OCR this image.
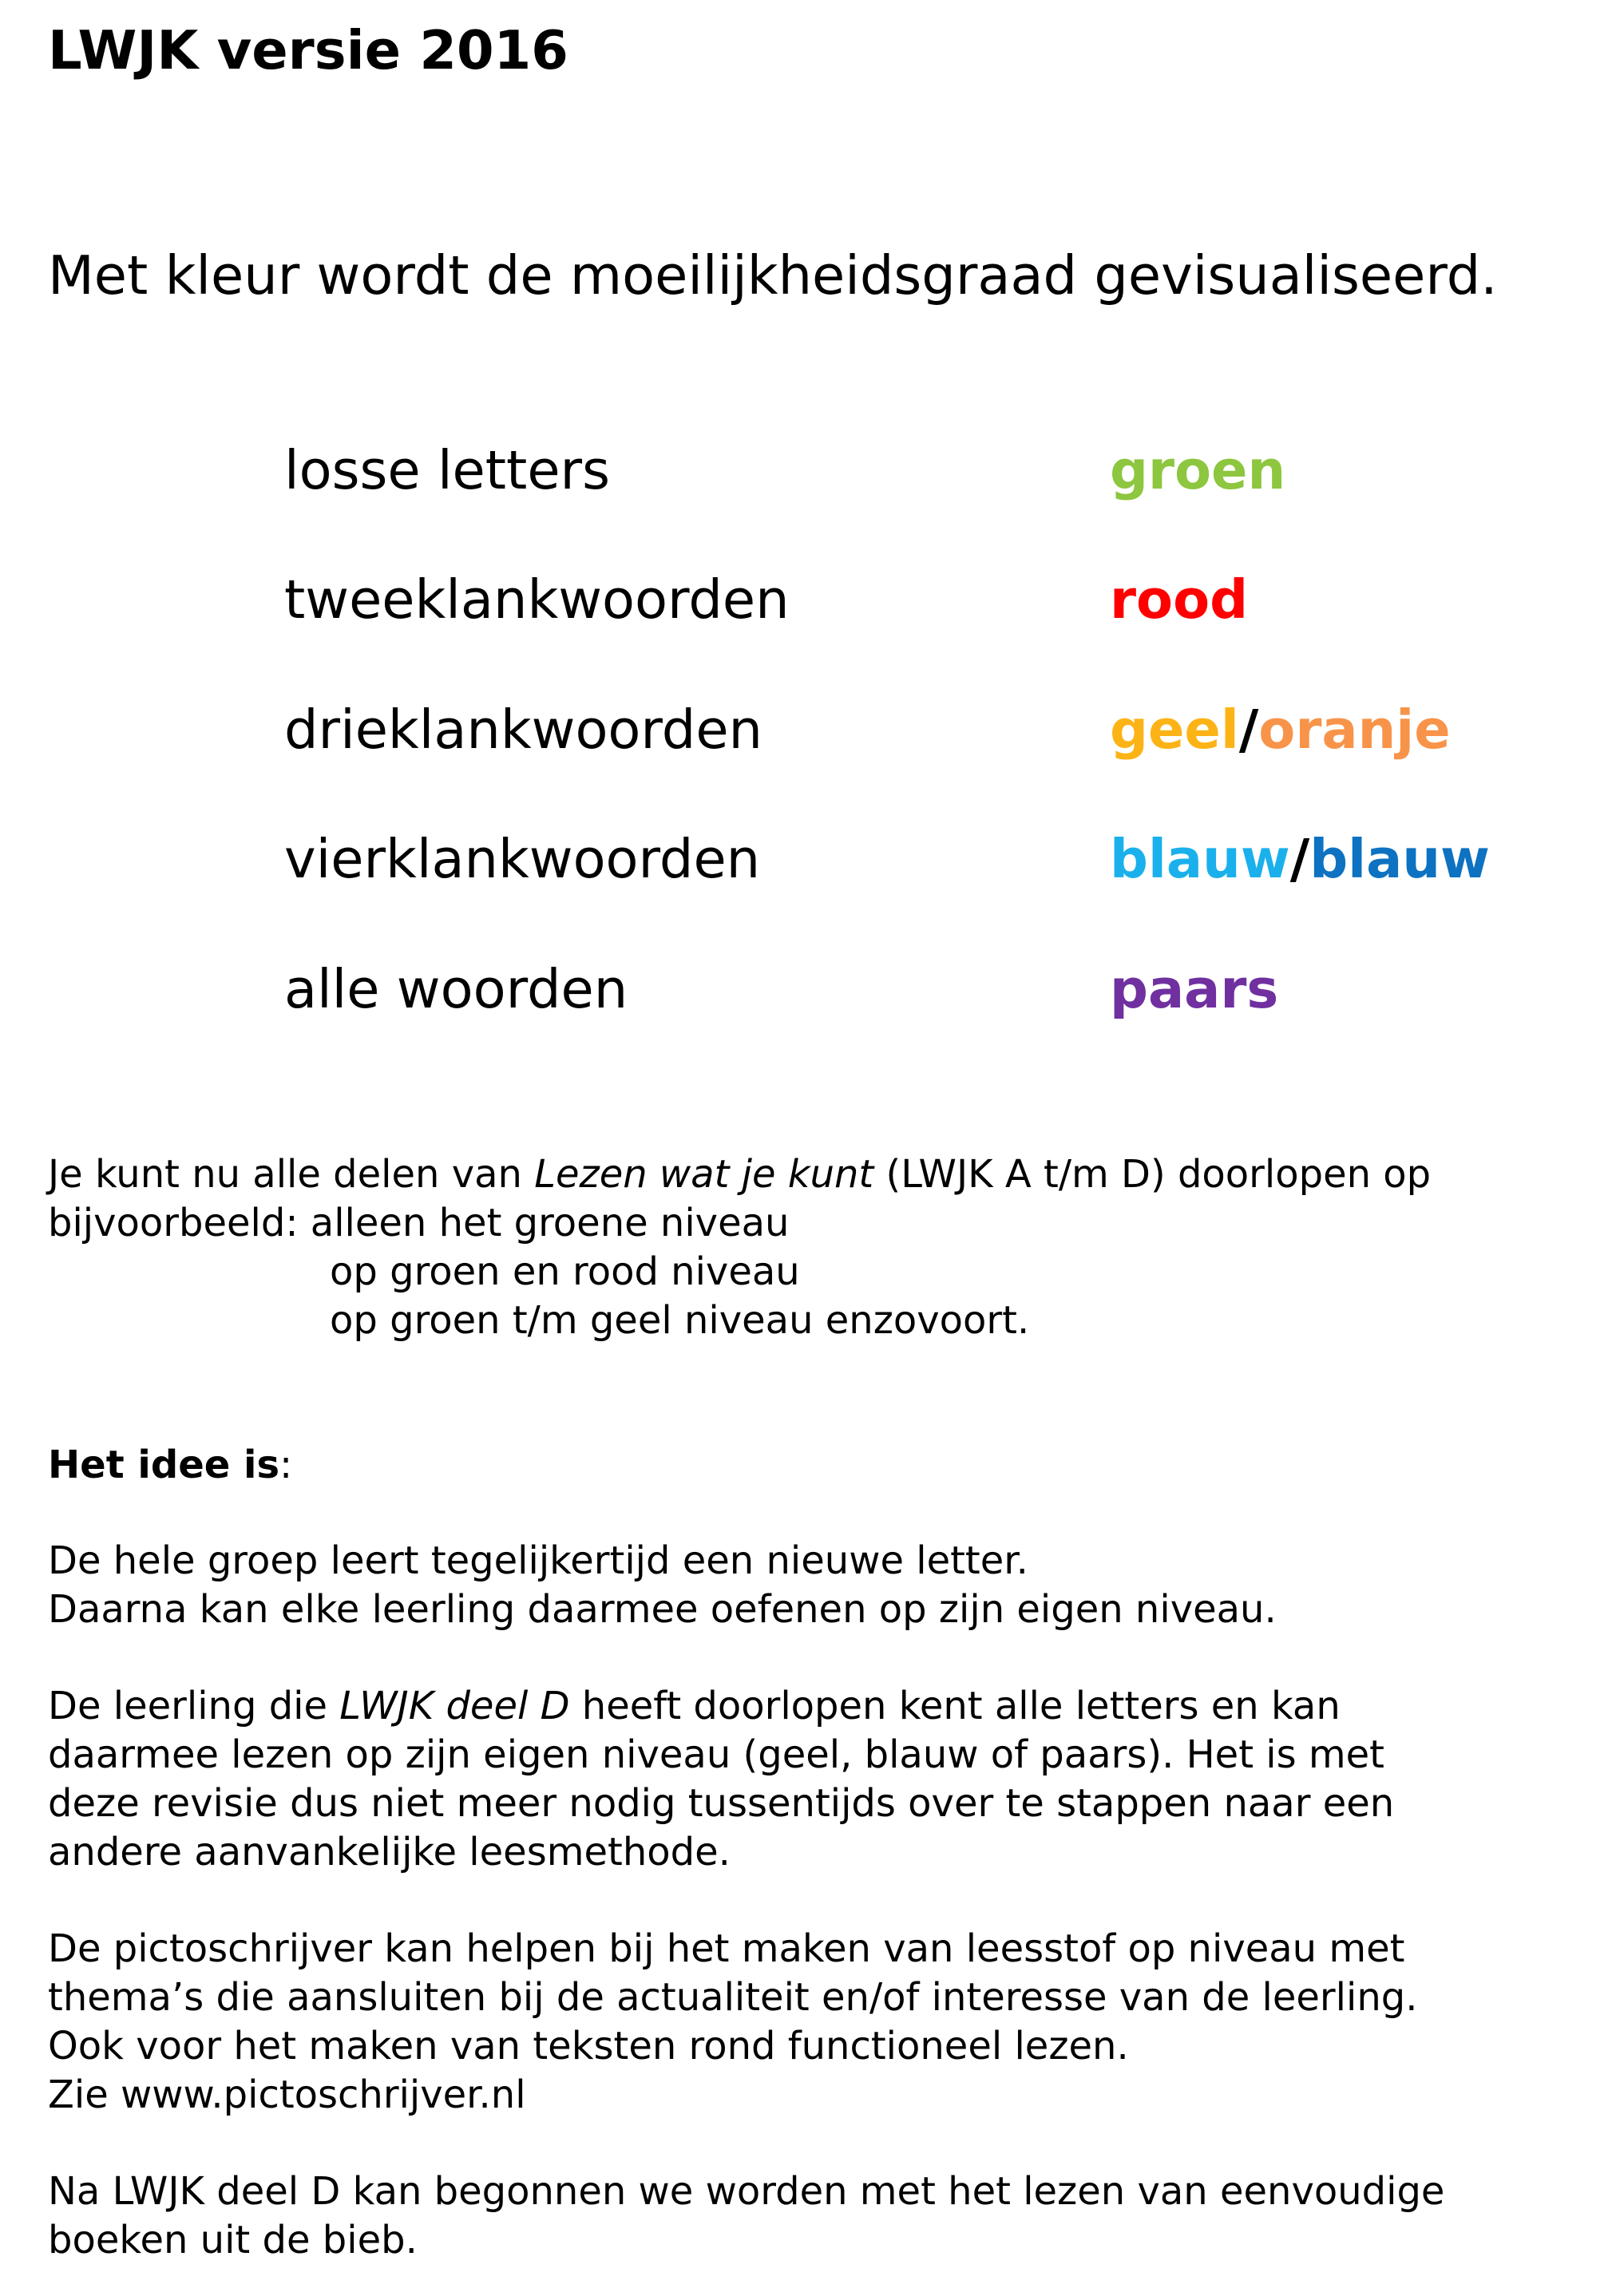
LWJK versie 2016
Met kleur wordt de moeilijkheidsgraad gevisualiseerd.
losse letters	groen
tweeklankwoorden	rood
drieklankwoorden	geel/oranje
vierklankwoorden	blauw/blauw
alle woorden	paars
Je kunt nu alle delen van Lezen wat je kunt (LWJK A t/m D) doorlopen op
bijvoorbeeld: alleen het groene niveau
op groen en rood niveau
op groen t/m geel niveau enzovoort.
Het idee is:
De hele groep leert tegelijkertijd een nieuwe letter.
Daarna kan elke leerling daarmee oefenen op zijn eigen niveau.
De leerling die LWJK deel D heeft doorlopen kent alle letters en kan
daarmee lezen op zijn eigen niveau (geel, blauw of paars). Het is met
deze revisie dus niet meer nodig tussentijds over te stappen naar een
andere aanvankelijke leesmethode.
De pictoschrijver kan helpen bij het maken van leesstof op niveau met
thema’s die aansluiten bij de actualiteit en/of interesse van de leerling.
Ook voor het maken van teksten rond functioneel lezen.
Zie www.pictoschrijver.nl
Na LWJK deel D kan begonnen we worden met het lezen van eenvoudige
boeken uit de bieb.
